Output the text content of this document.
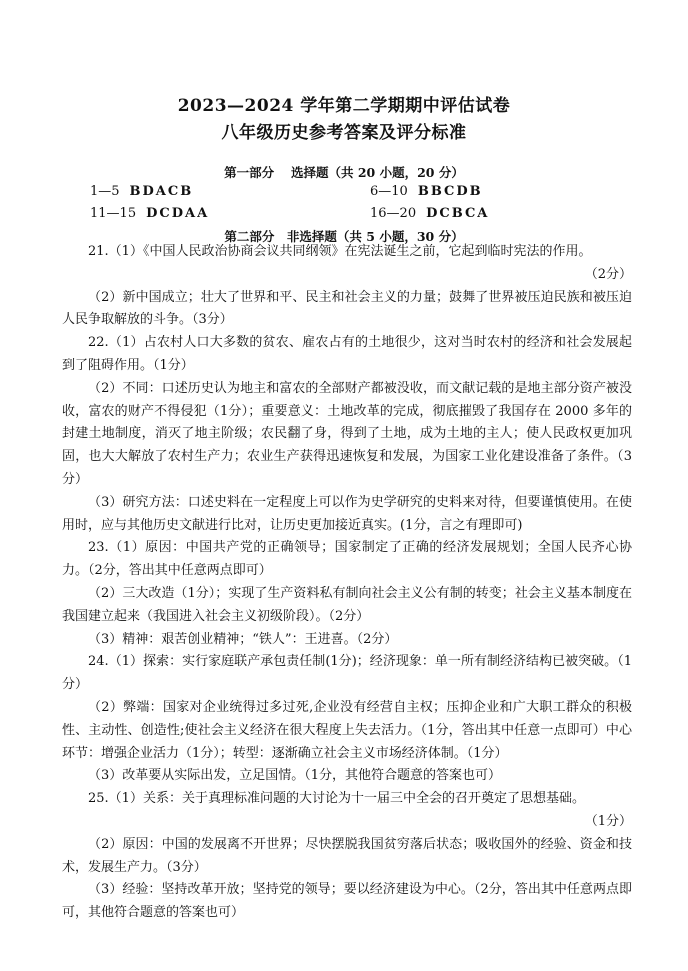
2023—2024 学年第二学期期中评估试卷
八年级历史参考答案及评分标准
第一部分　 选择题（共 20 小题，20 分）
1—5 BDACB	6—10 BBCDB
11—15 DCDAA	16—20 DCBCA
第二部分　非选择题（共 5 小题，30 分）

21.（1）《中国人民政治协商会议共同纲领》在宪法诞生之前，它起到临时宪法的作用。

（2分）

（2）新中国成立；壮大了世界和平、民主和社会主义的力量；鼓舞了世界被压迫民族和被压迫人民争取解放的斗争。（3分）

22.（1）占农村人口大多数的贫农、雇农占有的土地很少，这对当时农村的经济和社会发展起到了阻碍作用。（1分）

（2）不同：口述历史认为地主和富农的全部财产都被没收，而文献记载的是地主部分资产被没收，富农的财产不得侵犯（1分）；重要意义：土地改革的完成，彻底摧毁了我国存在 2000 多年的封建土地制度，消灭了地主阶级；农民翻了身，得到了土地，成为土地的主人；使人民政权更加巩固，也大大解放了农村生产力；农业生产获得迅速恢复和发展，为国家工业化建设准备了条件。（3分）

（3）研究方法：口述史料在一定程度上可以作为史学研究的史料来对待，但要谨慎使用。在使用时，应与其他历史文献进行比对，让历史更加接近真实。(1分，言之有理即可)

23.（1）原因：中国共产党的正确领导；国家制定了正确的经济发展规划；全国人民齐心协力。（2分，答出其中任意两点即可）

（2）三大改造（1分）；实现了生产资料私有制向社会主义公有制的转变；社会主义基本制度在我国建立起来（我国进入社会主义初级阶段）。（2分）

（3）精神：艰苦创业精神；“铁人”：王进喜。（2分）

24.（1）探索：实行家庭联产承包责任制(1分)；经济现象：单一所有制经济结构已被突破。（1分）

（2）弊端：国家对企业统得过多过死,企业没有经营自主权；压抑企业和广大职工群众的积极性、主动性、创造性;使社会主义经济在很大程度上失去活力。（1分，答出其中任意一点即可）中心环节：增强企业活力（1分）；转型：逐渐确立社会主义市场经济体制。（1分）

（3）改革要从实际出发，立足国情。（1分，其他符合题意的答案也可）

25.（1）关系：关于真理标准问题的大讨论为十一届三中全会的召开奠定了思想基础。

（1分）

（2）原因：中国的发展离不开世界；尽快摆脱我国贫穷落后状态；吸收国外的经验、资金和技术，发展生产力。（3分）

（3）经验：坚持改革开放；坚持党的领导；要以经济建设为中心。（2分，答出其中任意两点即可，其他符合题意的答案也可）
